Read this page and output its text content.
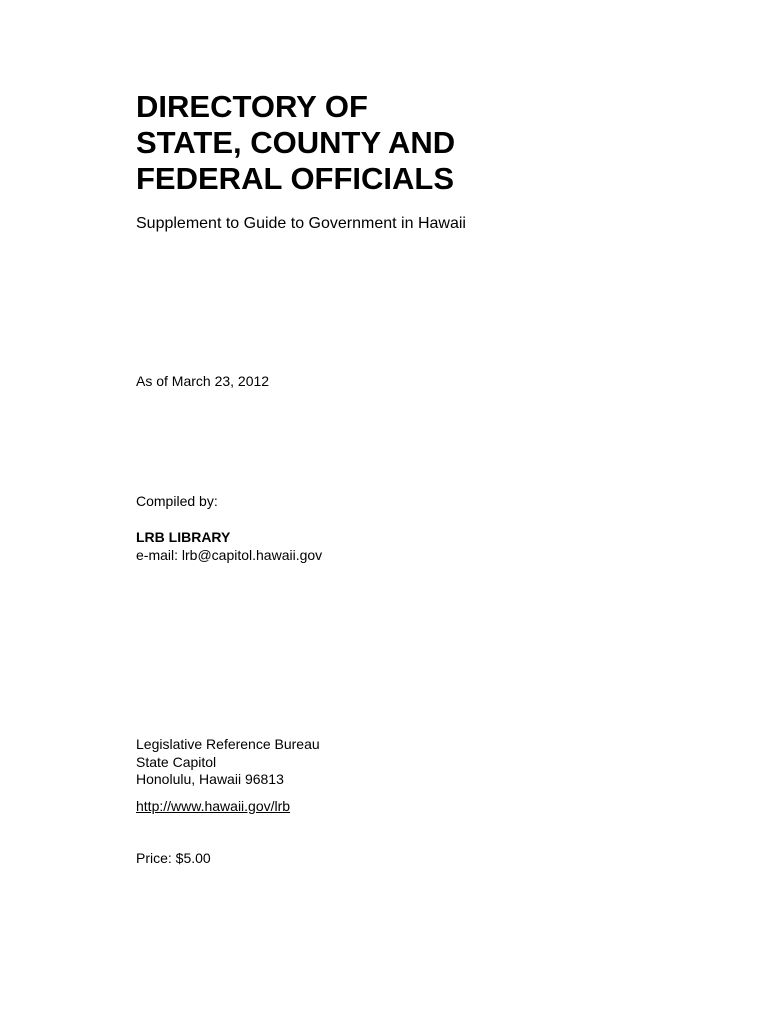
DIRECTORY OF
STATE, COUNTY AND
FEDERAL OFFICIALS

Supplement to Guide to Government in Hawaii

As of March 23, 2012

Compiled by:

LRB LIBRARY

e-mail: lrb@capitol.hawaii.gov

Legislative Reference Bureau
State Capitol
Honolulu, Hawaii 96813

http://www.hawaii.gov/lrb

Price: $5.00
